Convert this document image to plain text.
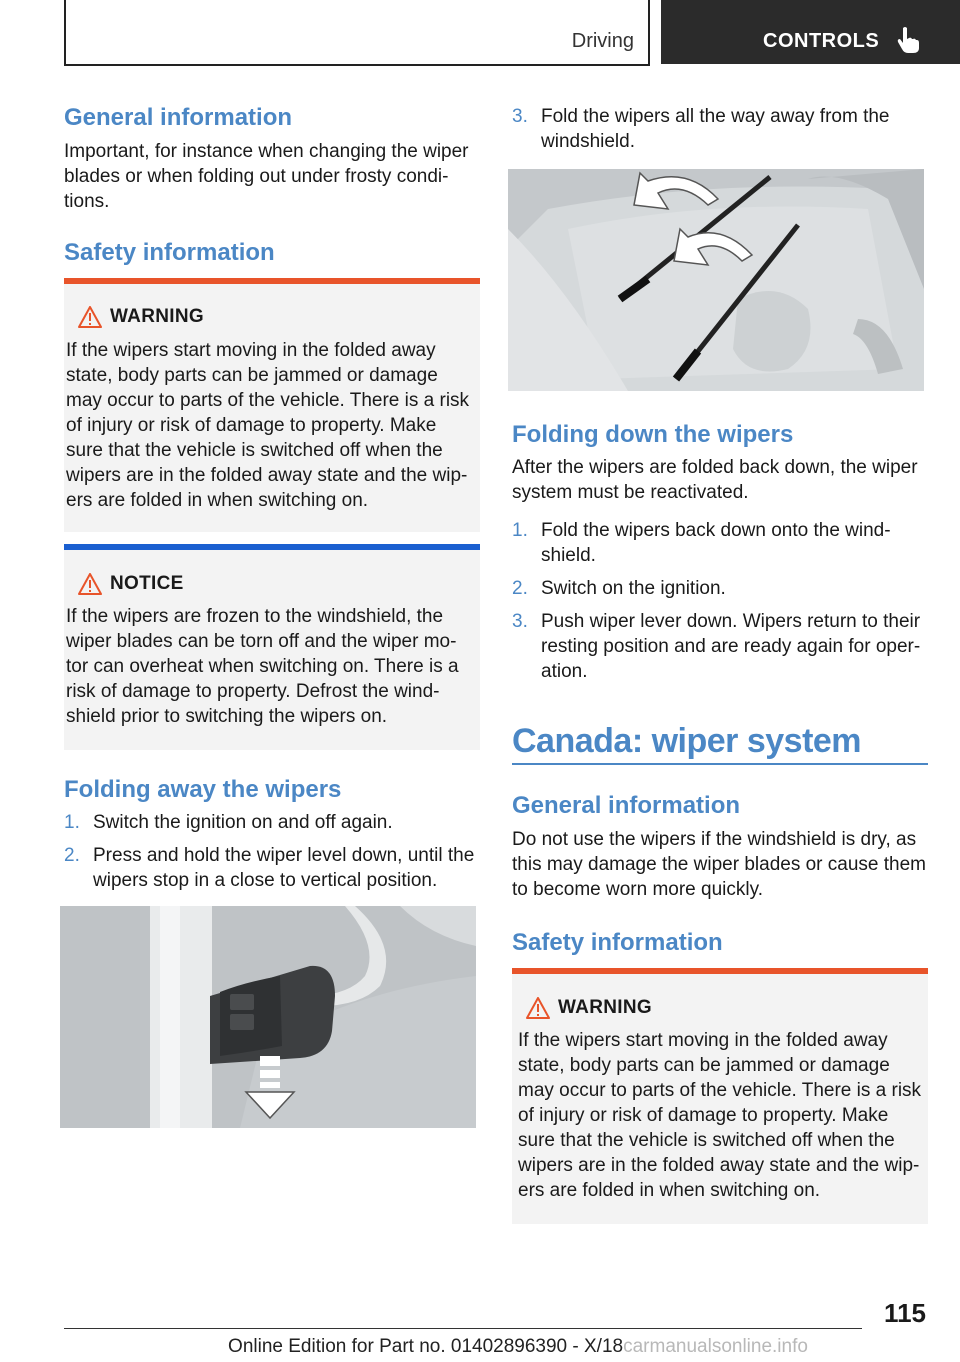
Driving	CONTROLS
General information
Important, for instance when changing the wiper
blades or when folding out under frosty condi-
tions.
Safety information
WARNING
If the wipers start moving in the folded away
state, body parts can be jammed or damage
may occur to parts of the vehicle. There is a risk
of injury or risk of damage to property. Make
sure that the vehicle is switched off when the
wipers are in the folded away state and the wip-
ers are folded in when switching on.
NOTICE
If the wipers are frozen to the windshield, the
wiper blades can be torn off and the wiper mo-
tor can overheat when switching on. There is a
risk of damage to property. Defrost the wind-
shield prior to switching the wipers on.
Folding away the wipers
1. Switch the ignition on and off again.
2. Press and hold the wiper level down, until the
wipers stop in a close to vertical position.
3. Fold the wipers all the way away from the
windshield.
Folding down the wipers
After the wipers are folded back down, the wiper
system must be reactivated.
1. Fold the wipers back down onto the wind-
shield.
2. Switch on the ignition.
3. Push wiper lever down. Wipers return to their
resting position and are ready again for oper-
ation.
Canada: wiper system
General information
Do not use the wipers if the windshield is dry, as
this may damage the wiper blades or cause them
to become worn more quickly.
Safety information
WARNING
If the wipers start moving in the folded away
state, body parts can be jammed or damage
may occur to parts of the vehicle. There is a risk
of injury or risk of damage to property. Make
sure that the vehicle is switched off when the
wipers are in the folded away state and the wip-
ers are folded in when switching on.
115
Online Edition for Part no. 01402896390 - X/18carmanualsonline.info
